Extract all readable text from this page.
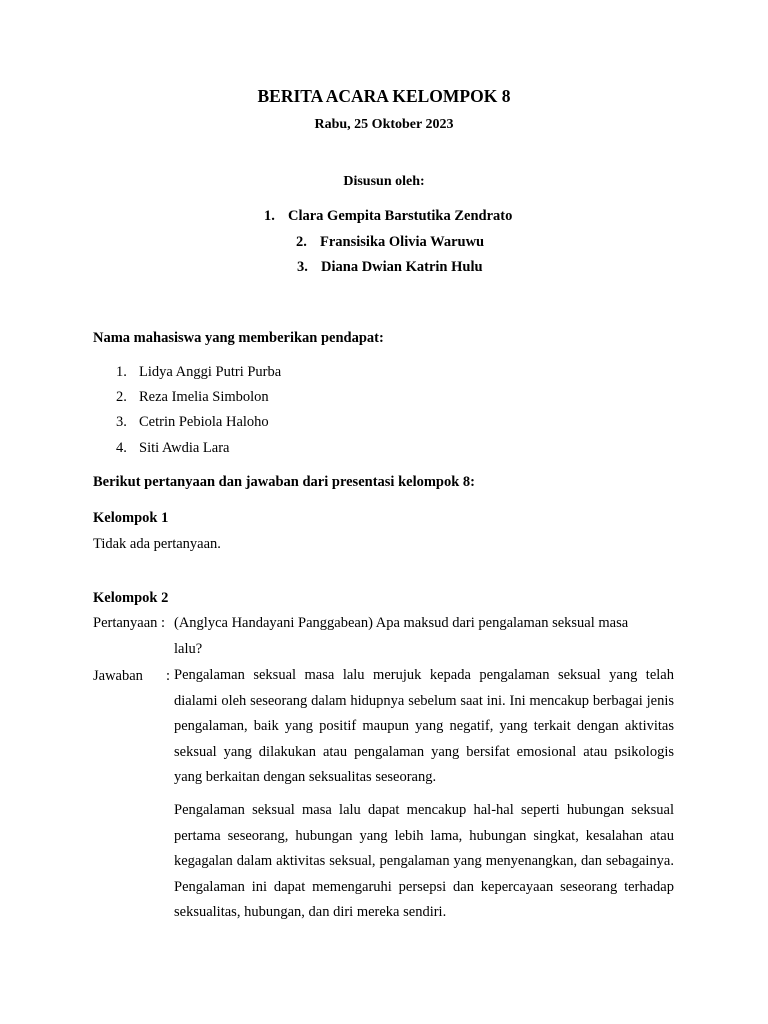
BERITA ACARA KELOMPOK 8
Rabu, 25 Oktober 2023
Disusun oleh:
1. Clara Gempita Barstutika Zendrato
2. Fransisika Olivia Waruwu
3. Diana Dwian Katrin Hulu
Nama mahasiswa yang memberikan pendapat:
1. Lidya Anggi Putri Purba
2. Reza Imelia Simbolon
3. Cetrin Pebiola Haloho
4. Siti Awdia Lara
Berikut pertanyaan dan jawaban dari presentasi kelompok 8:
Kelompok 1
Tidak ada pertanyaan.
Kelompok 2
Pertanyaan : (Anglyca Handayani Panggabean) Apa maksud dari pengalaman seksual masa
lalu?
Jawaban : Pengalaman seksual masa lalu merujuk kepada pengalaman seksual yang telah dialami oleh seseorang dalam hidupnya sebelum saat ini. Ini mencakup berbagai jenis pengalaman, baik yang positif maupun yang negatif, yang terkait dengan aktivitas seksual yang dilakukan atau pengalaman yang bersifat emosional atau psikologis yang berkaitan dengan seksualitas seseorang.
Pengalaman seksual masa lalu dapat mencakup hal-hal seperti hubungan seksual pertama seseorang, hubungan yang lebih lama, hubungan singkat, kesalahan atau kegagalan dalam aktivitas seksual, pengalaman yang menyenangkan, dan sebagainya. Pengalaman ini dapat memengaruhi persepsi dan kepercayaan seseorang terhadap seksualitas, hubungan, dan diri mereka sendiri.
